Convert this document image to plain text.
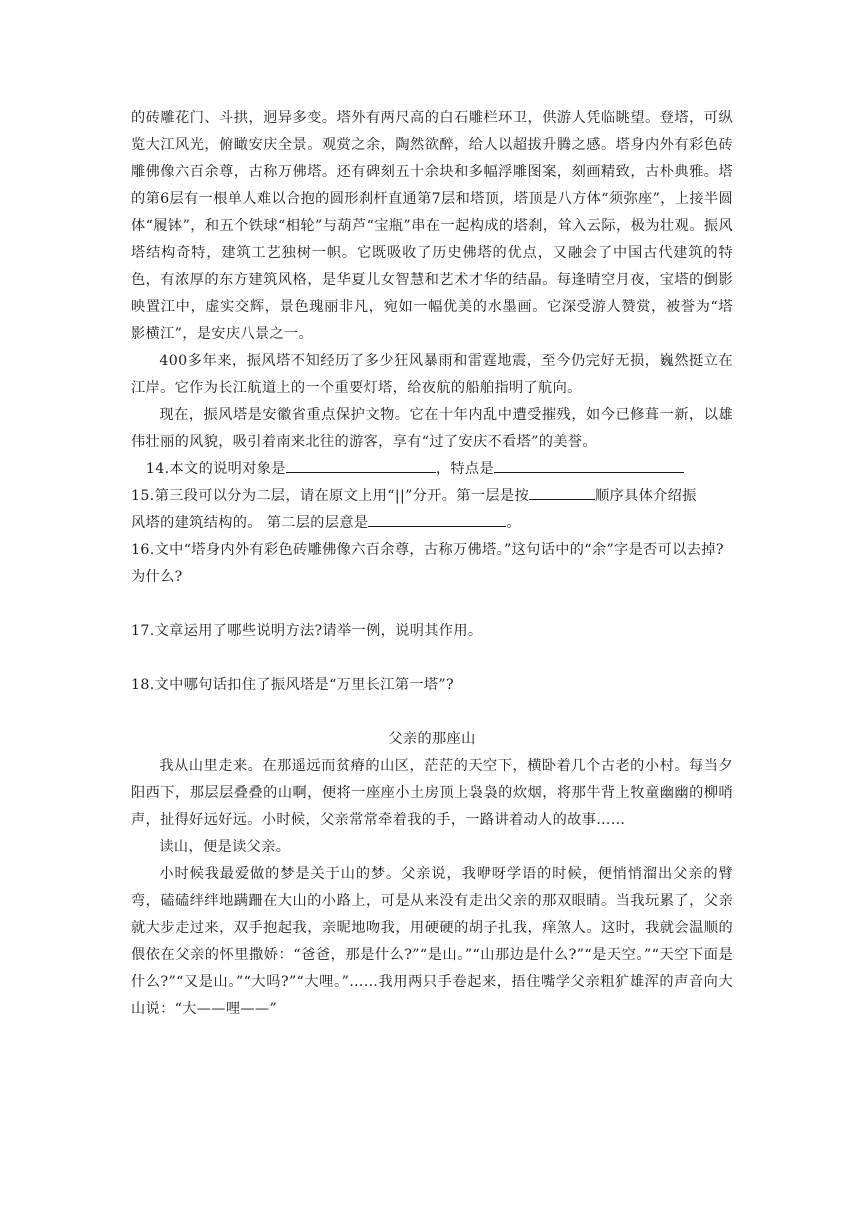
的砖雕花门、斗拱，迥异多变。塔外有两尺高的白石雕栏环卫，供游人凭临眺望。登塔，可纵览大江风光，俯瞰安庆全景。观赏之余，陶然欲醉，给人以超拔升腾之感。塔身内外有彩色砖雕佛像六百余尊，古称万佛塔。还有碑刻五十余块和多幅浮雕图案，刻画精致，古朴典雅。塔的第6层有一根单人难以合抱的圆形刹杆直通第7层和塔顶，塔顶是八方体“须弥座”，上接半圆体“履钵”，和五个铁球“相轮”与葫芦“宝瓶”串在一起构成的塔刹，耸入云际，极为壮观。振风塔结构奇特，建筑工艺独树一帜。它既吸收了历史佛塔的优点，又融会了中国古代建筑的特色，有浓厚的东方建筑风格，是华夏儿女智慧和艺术才华的结晶。每逢晴空月夜，宝塔的倒影映置江中，虚实交辉，景色瑰丽非凡，宛如一幅优美的水墨画。它深受游人赞赏，被誉为“塔影横江”，是安庆八景之一。

400多年来，振风塔不知经历了多少狂风暴雨和雷霆地震，至今仍完好无损，巍然挺立在江岸。它作为长江航道上的一个重要灯塔，给夜航的船舶指明了航向。

现在，振风塔是安徽省重点保护文物。它在十年内乱中遭受摧残，如今已修葺一新，以雄伟壮丽的风貌，吸引着南来北往的游客，享有“过了安庆不看塔”的美誉。

14.本文的说明对象是	，特点是

15.第三段可以分为二层，请在原文上用“||”分开。第一层是按	顺序具体介绍振

风塔的建筑结构的。 第二层的层意是	。

16.文中“塔身内外有彩色砖雕佛像六百余尊，古称万佛塔。”这句话中的“余”字是否可以去掉?为什么?

17.文章运用了哪些说明方法?请举一例，说明其作用。

18.文中哪句话扣住了振风塔是“万里长江第一塔”?

父亲的那座山

我从山里走来。在那遥远而贫瘠的山区，茫茫的天空下，横卧着几个古老的小村。每当夕阳西下，那层层叠叠的山啊，便将一座座小土房顶上袅袅的炊烟，将那牛背上牧童幽幽的柳哨声，扯得好远好远。小时候，父亲常常牵着我的手，一路讲着动人的故事……

读山，便是读父亲。

小时候我最爱做的梦是关于山的梦。父亲说，我咿呀学语的时候，便悄悄溜出父亲的臂弯，磕磕绊绊地蹒跚在大山的小路上，可是从来没有走出父亲的那双眼睛。当我玩累了，父亲就大步走过来，双手抱起我，亲昵地吻我，用硬硬的胡子扎我，痒煞人。这时，我就会温顺的偎依在父亲的怀里撒娇：“爸爸，那是什么?”“是山。”“山那边是什么?”“是天空。”“天空下面是什么?”“又是山。”“大吗?”“大哩。”……我用两只手卷起来，捂住嘴学父亲粗犷雄浑的声音向大山说：“大——哩——”
